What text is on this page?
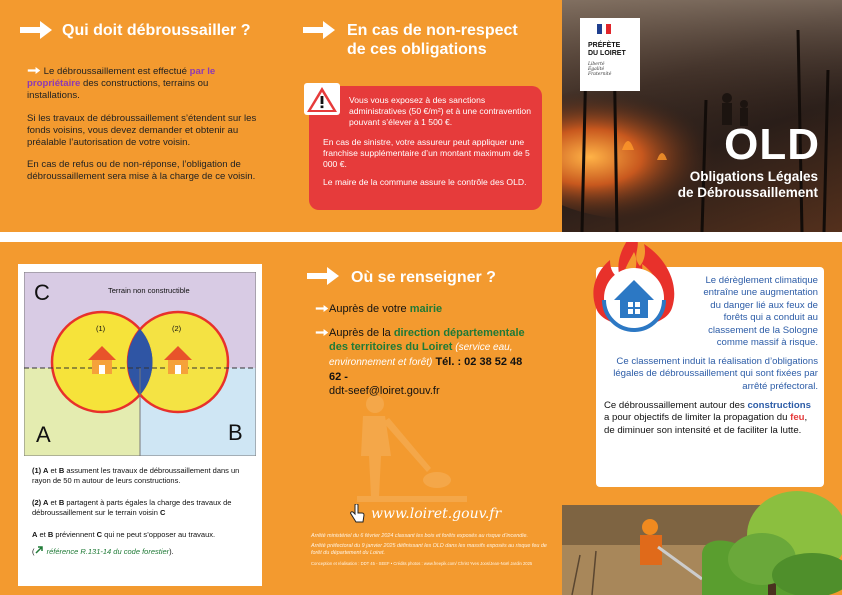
Qui doit débroussailler ?

Le débroussaillement est effectué par le propriétaire des constructions, terrains ou installations.

Si les travaux de débroussaillement s’étendent sur les fonds voisins, vous devez demander et obtenir au préalable l’autorisation de votre voisin.

En cas de refus ou de non-réponse, l’obligation de débroussaillement sera mise à la charge de ce voisin.

En cas de non-respect
de ces obligations
Vous vous exposez à des sanctions administratives (50 €/m²) et à une contravention pouvant s’élever à 1 500 €.
En cas de sinistre, votre assureur peut appliquer une franchise supplémentaire d’un montant maximum de 5 000 €.
Le maire de la commune assure le contrôle des OLD.
PRÉFÈTE
DU LOIRET
Liberté
Égalité
Fraternité
OLD
Obligations Légales
de Débroussaillement
Terrain non constructible
(1)	(2)
C
A	B
(1) A et B assument les travaux de débroussaillement dans un rayon de 50 m autour de leurs constructions.
(2) A et B partagent à parts égales la charge des travaux de débroussaillement sur le terrain voisin C
A et B préviennent C qui ne peut s’opposer au travaux.
( référence R.131-14 du code forestier).
Où se renseigner ?
Auprès de votre mairie
Auprès de la direction départementale des territoires du Loiret (service eau, environnement et forêt) Tél. : 02 38 52 48 62 -
ddt-seef@loiret.gouv.fr
www.loiret.gouv.fr
Arrêté ministériel du 6 février 2024 classant les bois et forêts exposés au risque d’incendie.
Arrêté préfectoral du 9 janvier 2025 définissant les OLD dans les massifs exposés au risque feu de forêt du département du Loiret.
Conception et réalisation : DDT 45 - SEEF • Crédits photos : www.freepik.com/ Christ Yves Joos/Jean-Noël Jardin 2025
Le dérèglement climatique entraîne une augmentation du danger lié aux feux de forêts qui a conduit au classement de la Sologne comme massif à risque.
Ce classement induit la réalisation d’obligations légales de débroussaillement qui sont fixées par arrêté préfectoral.
Ce débroussaillement autour des constructions a pour objectifs de limiter la propagation du feu, de diminuer son intensité et de faciliter la lutte.
